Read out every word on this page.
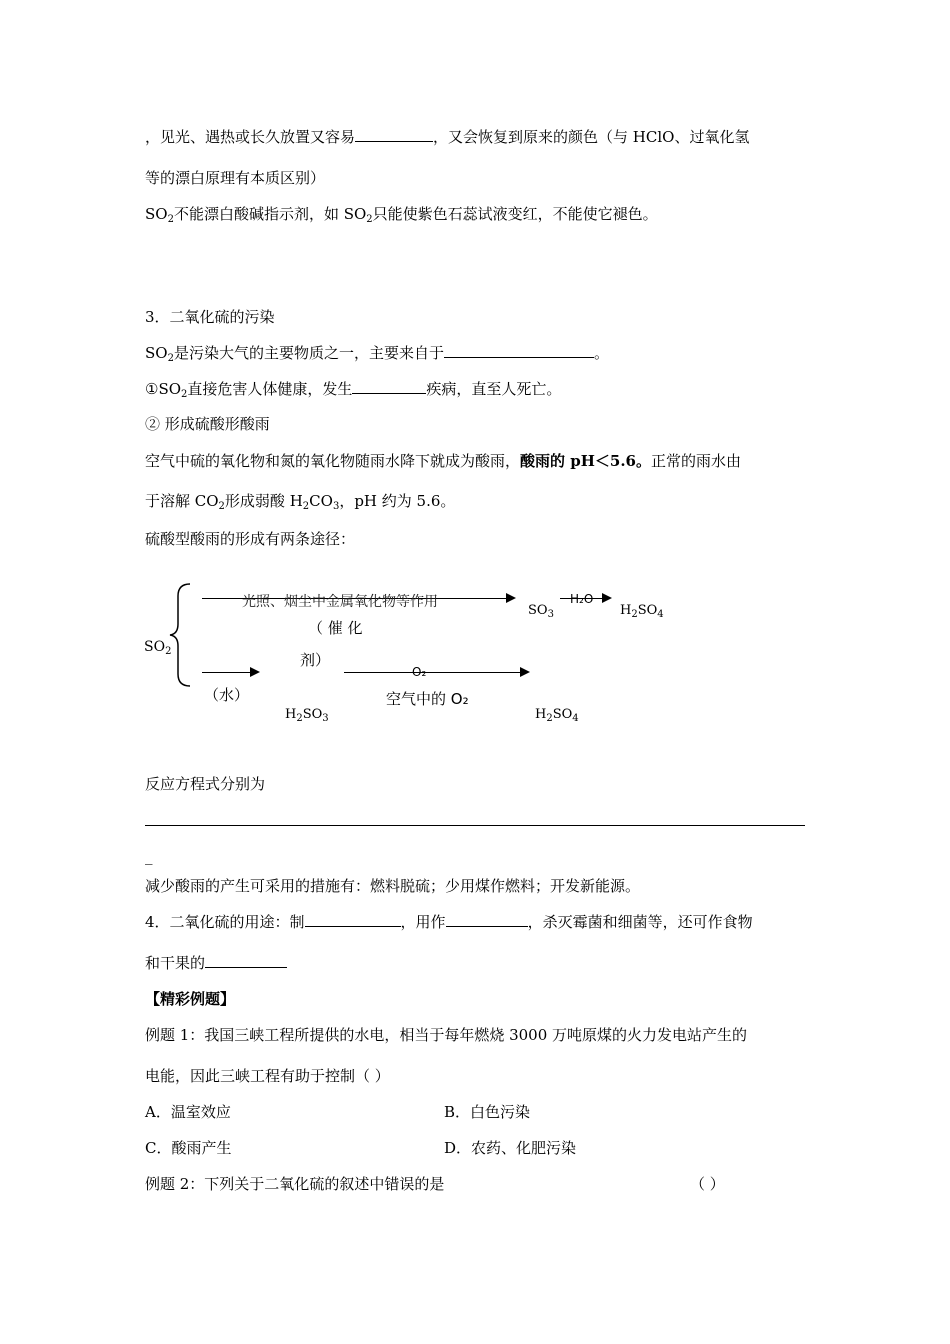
，见光、遇热或长久放置又容易	，又会恢复到原来的颜色（与 HClO、过氧化氢
等的漂白原理有本质区别）
$SO_2$不能漂白酸碱指示剂，如 $SO_2$只能使紫色石蕊试液变红，不能使它褪色。
3．二氧化硫的污染
$SO_2$是污染大气的主要物质之一，主要来自于	。
$①SO_2$直接危害人体健康，发生	疾病，直至人死亡。
② 形成硫酸形酸雨
空气中硫的氧化物和氮的氧化物随雨水降下就成为酸雨，酸雨的 pH＜5.6。正常的雨水由
于溶解 $CO_2$形成弱酸 $H_2CO_3$，pH 约为 5.6。
硫酸型酸雨的形成有两条途径：
$SO_2$
光照、烟尘中金属氧化物等作用
（ 催 化
剂）
$SO_3$
H₂O
$H_2SO_4$
（水）
$H_2SO_3$
O₂
空气中的 O₂
$H_2SO_4$
反应方程式分别为
_
减少酸雨的产生可采用的措施有：燃料脱硫；少用煤作燃料；开发新能源。
4．二氧化硫的用途：制	，用作	，杀灭霉菌和细菌等，还可作食物
和干果的
【精彩例题】
例题 1：我国三峡工程所提供的水电，相当于每年燃烧 3000 万吨原煤的火力发电站产生的
电能，因此三峡工程有助于控制（ ）
A．温室效应	B．白色污染
C．酸雨产生	D．农药、化肥污染
例题 2：下列关于二氧化硫的叙述中错误的是	（ ）
